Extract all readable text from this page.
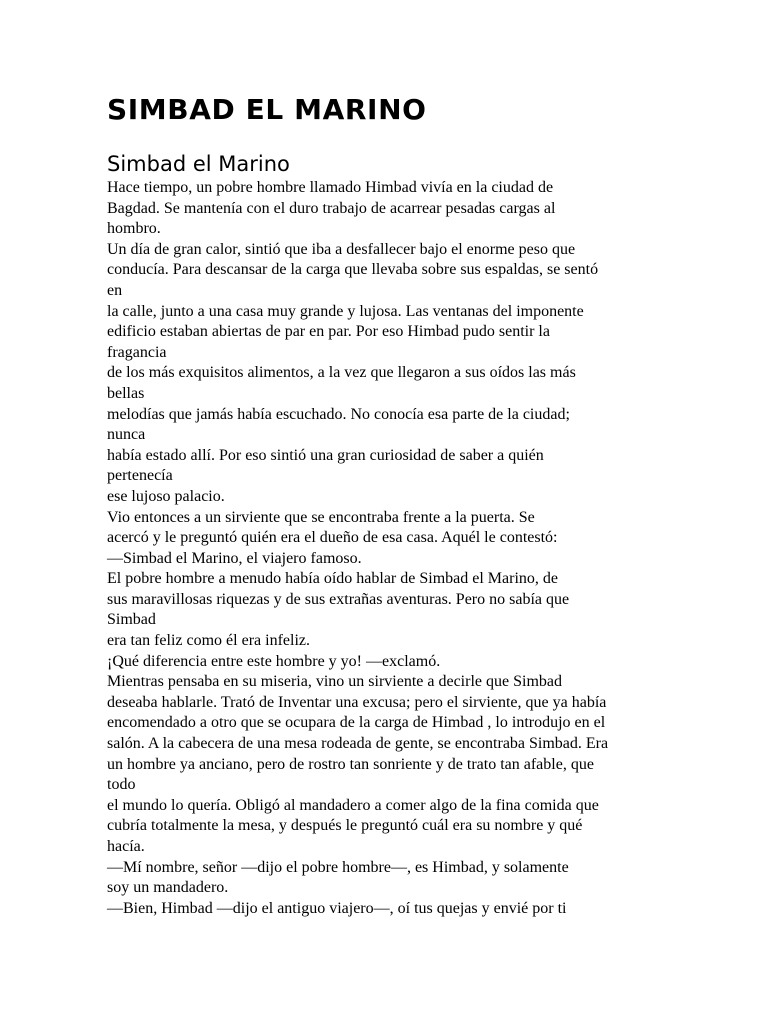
SIMBAD EL MARINO
Simbad el Marino
Hace tiempo, un pobre hombre llamado Himbad vivía en la ciudad de
Bagdad. Se mantenía con el duro trabajo de acarrear pesadas cargas al
hombro.
Un día de gran calor, sintió que iba a desfallecer bajo el enorme peso que
conducía. Para descansar de la carga que llevaba sobre sus espaldas, se sentó
en
la calle, junto a una casa muy grande y lujosa. Las ventanas del imponente
edificio estaban abiertas de par en par. Por eso Himbad pudo sentir la
fragancia
de los más exquisitos alimentos, a la vez que llegaron a sus oídos las más
bellas
melodías que jamás había escuchado. No conocía esa parte de la ciudad;
nunca
había estado allí. Por eso sintió una gran curiosidad de saber a quién
pertenecía
ese lujoso palacio.
Vio entonces a un sirviente que se encontraba frente a la puerta. Se
acercó y le preguntó quién era el dueño de esa casa. Aquél le contestó:
—Simbad el Marino, el viajero famoso.
El pobre hombre a menudo había oído hablar de Simbad el Marino, de
sus maravillosas riquezas y de sus extrañas aventuras. Pero no sabía que
Simbad
era tan feliz como él era infeliz.
¡Qué diferencia entre este hombre y yo! —exclamó.
Mientras pensaba en su miseria, vino un sirviente a decirle que Simbad
deseaba hablarle. Trató de Inventar una excusa; pero el sirviente, que ya había
encomendado a otro que se ocupara de la carga de Himbad , lo introdujo en el
salón. A la cabecera de una mesa rodeada de gente, se encontraba Simbad. Era
un hombre ya anciano, pero de rostro tan sonriente y de trato tan afable, que
todo
el mundo lo quería. Obligó al mandadero a comer algo de la fina comida que
cubría totalmente la mesa, y después le preguntó cuál era su nombre y qué
hacía.
—Mí nombre, señor —dijo el pobre hombre—, es Himbad, y solamente
soy un mandadero.
—Bien, Himbad —dijo el antiguo viajero—, oí tus quejas y envié por ti
